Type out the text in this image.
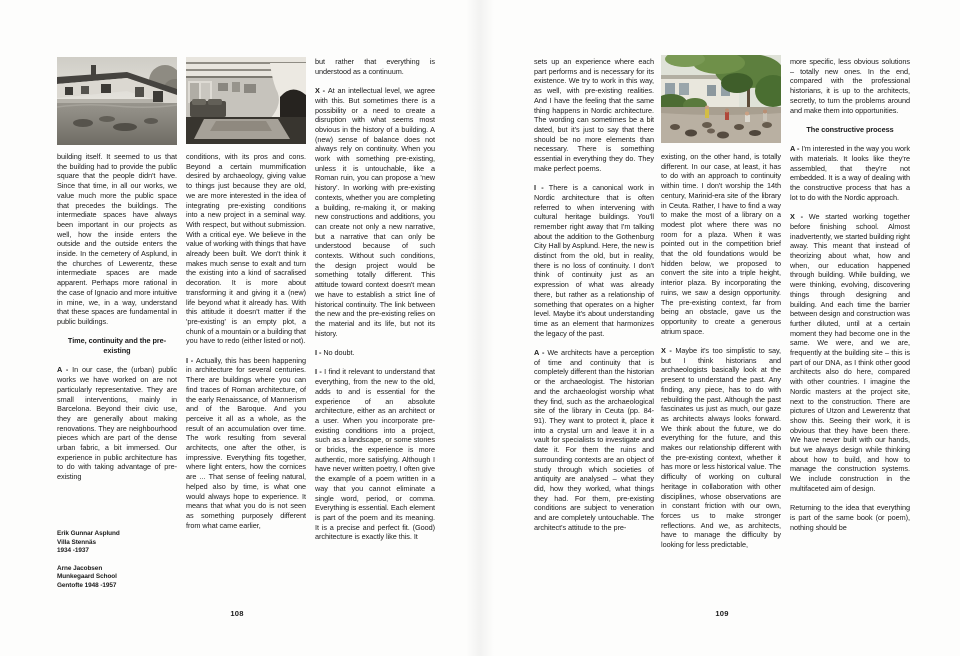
building itself. It seemed to us that the building had to provide the public square that the people didn't have. Since that time, in all our works, we value much more the public space that precedes the buildings. The intermediate spaces have always been important in our projects as well, how the inside enters the outside and the outside enters the inside. In the cemetery of Asplund, in the churches of Lewerentz, these intermediate spaces are made apparent. Perhaps more rational in the case of Ignacio and more intuitive in mine, we, in a way, understand that these spaces are fundamental in public buildings.

Time, continuity and the pre-existing

A - In our case, the (urban) public works we have worked on are not particularly representative. They are small interventions, mainly in Barcelona. Beyond their civic use, they are generally about making renovations. They are neighbourhood pieces which are part of the dense urban fabric, a bit immersed. Our experience in public architecture has to do with taking advantage of pre-existing

Erik Gunnar Asplund
Villa Stennäs
1934 -1937
Arne Jacobsen
Munkegaard School
Gentofte 1948 -1957

conditions, with its pros and cons. Beyond a certain mummification desired by archaeology, giving value to things just because they are old, we are more interested in the idea of integrating pre-existing conditions into a new project in a seminal way. With respect, but without submission. With a critical eye. We believe in the value of working with things that have already been built. We don't think it makes much sense to exalt and turn the existing into a kind of sacralised decoration. It is more about transforming it and giving it a (new) life beyond what it already has. With this attitude it doesn't matter if the 'pre-existing' is an empty plot, a chunk of a mountain or a building that you have to redo (either listed or not).

I - Actually, this has been happening in architecture for several centuries. There are buildings where you can find traces of Roman architecture, of the early Renaissance, of Mannerism and of the Baroque. And you perceive it all as a whole, as the result of an accumulation over time. The work resulting from several architects, one after the other, is impressive. Everything fits together, where light enters, how the cornices are ... That sense of feeling natural, helped also by time, is what one would always hope to experience. It means that what you do is not seen as something purposely different from what came earlier,

but rather that everything is understood as a continuum.

X - At an intellectual level, we agree with this. But sometimes there is a possibility or a need to create a disruption with what seems most obvious in the history of a building. A (new) sense of balance does not always rely on continuity. When you work with something pre-existing, unless it is untouchable, like a Roman ruin, you can propose a 'new history'. In working with pre-existing contexts, whether you are completing a building, re-making it, or making new constructions and additions, you can create not only a new narrative, but a narrative that can only be understood because of such contexts. Without such conditions, the design project would be something totally different. This attitude toward context doesn't mean we have to establish a strict line of historical continuity. The link between the new and the pre-existing relies on the material and its life, but not its history.

I - No doubt.

I - I find it relevant to understand that everything, from the new to the old, adds to and is essential for the experience of an absolute architecture, either as an architect or a user. When you incorporate pre-existing conditions into a project, such as a landscape, or some stones or bricks, the experience is more authentic, more satisfying. Although I have never written poetry, I often give the example of a poem written in a way that you cannot eliminate a single word, period, or comma. Everything is essential. Each element is part of the poem and its meaning. It is a precise and perfect fit. (Good) architecture is exactly like this. It

108

sets up an experience where each part performs and is necessary for its existence. We try to work in this way, as well, with pre-existing realities. And I have the feeling that the same thing happens in Nordic architecture. The wording can sometimes be a bit dated, but it's just to say that there should be no more elements than necessary. There is something essential in everything they do. They make perfect poems.

I - There is a canonical work in Nordic architecture that is often referred to when intervening with cultural heritage buildings. You'll remember right away that I'm talking about the addition to the Gothenburg City Hall by Asplund. Here, the new is distinct from the old, but in reality, there is no loss of continuity. I don't think of continuity just as an expression of what was already there, but rather as a relationship of something that operates on a higher level. Maybe it's about understanding time as an element that harmonizes the legacy of the past.

A - We architects have a perception of time and continuity that is completely different than the historian or the archaeologist. The historian and the archaeologist worship what they find, such as the archaeological site of the library in Ceuta (pp. 84-91). They want to protect it, place it into a crystal urn and leave it in a vault for specialists to investigate and date it. For them the ruins and surrounding contexts are an object of study through which societies of antiquity are analysed – what they did, how they worked, what things they had. For them, pre-existing conditions are subject to veneration and are completely untouchable. The architect's attitude to the pre-

existing, on the other hand, is totally different. In our case, at least, it has to do with an approach to continuity within time. I don't worship the 14th century, Marinid-era site of the library in Ceuta. Rather, I have to find a way to make the most of a library on a modest plot where there was no room for a plaza. When it was pointed out in the competition brief that the old foundations would be hidden below, we proposed to convert the site into a triple height, interior plaza. By incorporating the ruins, we saw a design opportunity. The pre-existing context, far from being an obstacle, gave us the opportunity to create a generous atrium space.

X - Maybe it's too simplistic to say, but I think historians and archaeologists basically look at the present to understand the past. Any finding, any piece, has to do with rebuilding the past. Although the past fascinates us just as much, our gaze as architects always looks forward. We think about the future, we do everything for the future, and this makes our relationship different with the pre-existing context, whether it has more or less historical value. The difficulty of working on cultural heritage in collaboration with other disciplines, whose observations are in constant friction with our own, forces us to make stronger reflections. And we, as architects, have to manage the difficulty by looking for less predictable,

more specific, less obvious solutions – totally new ones. In the end, compared with the professional historians, it is up to the architects, secretly, to turn the problems around and make them into opportunities.

The constructive process

A - I'm interested in the way you work with materials. It looks like they're assembled, that they're not embedded. It is a way of dealing with the constructive process that has a lot to do with the Nordic approach.

X - We started working together before finishing school. Almost inadvertently, we started building right away. This meant that instead of theorizing about what, how and when, our education happened through building. While building, we were thinking, evolving, discovering things through designing and building. And each time the barrier between design and construction was further diluted, until at a certain moment they had become one in the same. We were, and we are, frequently at the building site – this is part of our DNA, as I think other good architects also do here, compared with other countries. I imagine the Nordic masters at the project site, next to the construction. There are pictures of Utzon and Lewerentz that show this. Seeing their work, it is obvious that they have been there. We have never built with our hands, but we always design while thinking about how to build, and how to manage the construction systems. We include construction in the multifaceted aim of design.

Returning to the idea that everything is part of the same book (or poem), nothing should be

109
